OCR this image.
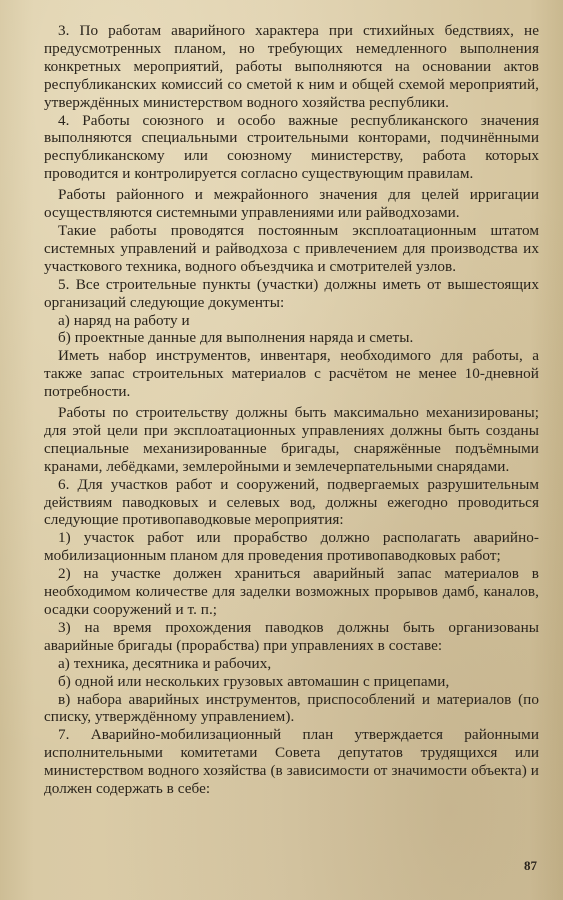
3. По работам аварийного характера при стихийных бедствиях, не предусмотренных планом, но требующих немедленного выполнения конкретных мероприятий, работы выполняются на основании актов республиканских комиссий со сметой к ним и общей схемой мероприятий, утверждённых министерством водного хозяйства республики.

4. Работы союзного и особо важные республиканского значения выполняются специальными строительными конторами, подчинёнными республиканскому или союзному министерству, работа которых проводится и контролируется согласно существующим правилам.

Работы районного и межрайонного значения для целей ирригации осуществляются системными управлениями или райводхозами.

Такие работы проводятся постоянным эксплоатационным штатом системных управлений и райводхоза с привлечением для производства их участкового техника, водного объездчика и смотрителей узлов.

5. Все строительные пункты (участки) должны иметь от вышестоящих организаций следующие документы:

а) наряд на работу и

б) проектные данные для выполнения наряда и сметы.

Иметь набор инструментов, инвентаря, необходимого для работы, а также запас строительных материалов с расчётом не менее 10-дневной потребности.

Работы по строительству должны быть максимально механизированы; для этой цели при эксплоатационных управлениях должны быть созданы специальные механизированные бригады, снаряжённые подъёмными кранами, лебёдками, землеройными и землечерпательными снарядами.

6. Для участков работ и сооружений, подвергаемых разрушительным действиям паводковых и селевых вод, должны ежегодно проводиться следующие противопаводковые мероприятия:

1) участок работ или прорабство должно располагать аварийно-мобилизационным планом для проведения противопаводковых работ;

2) на участке должен храниться аварийный запас материалов в необходимом количестве для заделки возможных прорывов дамб, каналов, осадки сооружений и т. п.;

3) на время прохождения паводков должны быть организованы аварийные бригады (прорабства) при управлениях в составе:

а) техника, десятника и рабочих,

б) одной или нескольких грузовых автомашин с прицепами,

в) набора аварийных инструментов, приспособлений и материалов (по списку, утверждённому управлением).

7. Аварийно-мобилизационный план утверждается районными исполнительными комитетами Совета депутатов трудящихся или министерством водного хозяйства (в зависимости от значимости объекта) и должен содержать в себе:

87
